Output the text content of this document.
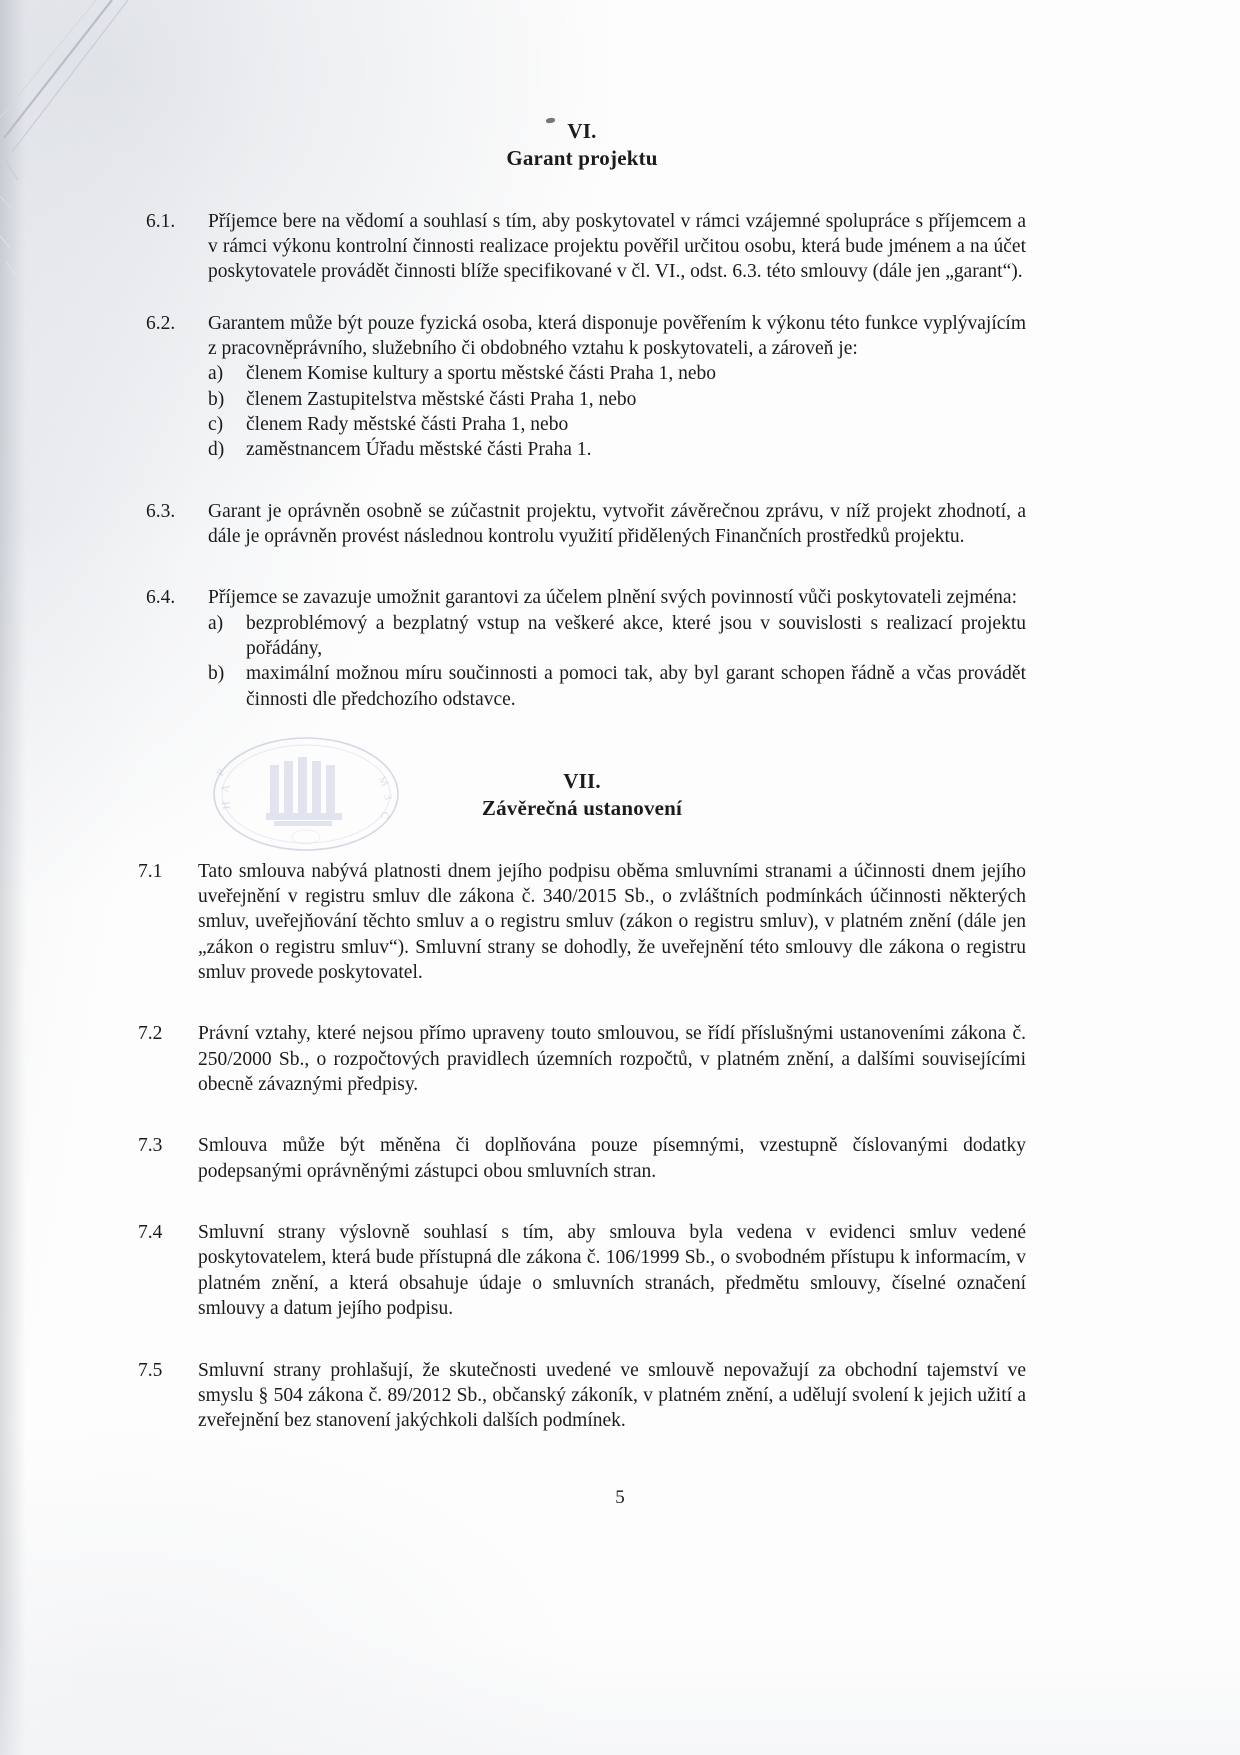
P
A
H
M
3
Č
VI.
Garant projektu
6.1.	Příjemce bere na vědomí a souhlasí s tím, aby poskytovatel v rámci vzájemné spolupráce s příjemcem a v rámci výkonu kontrolní činnosti realizace projektu pověřil určitou osobu, která bude jménem a na účet poskytovatele provádět činnosti blíže specifikované v čl. VI., odst. 6.3. této smlouvy (dále jen „garant“).
6.2.	Garantem může být pouze fyzická osoba, která disponuje pověřením k výkonu této funkce vyplývajícím z pracovněprávního, služebního či obdobného vztahu k poskytovateli, a zároveň je:

a)	členem Komise kultury a sportu městské části Praha 1, nebo
b)	členem Zastupitelstva městské části Praha 1, nebo
c)	členem Rady městské části Praha 1, nebo
d)	zaměstnancem Úřadu městské části Praha 1.
6.3.	Garant je oprávněn osobně se zúčastnit projektu, vytvořit závěrečnou zprávu, v níž projekt zhodnotí, a dále je oprávněn provést následnou kontrolu využití přidělených Finančních prostředků projektu.
6.4.	Příjemce se zavazuje umožnit garantovi za účelem plnění svých povinností vůči poskytovateli zejména:

a)	bezproblémový a bezplatný vstup na veškeré akce, které jsou v souvislosti s realizací projektu pořádány,
b)	maximální možnou míru součinnosti a pomoci tak, aby byl garant schopen řádně a včas provádět činnosti dle předchozího odstavce.
VII.
Závěrečná ustanovení
7.1	Tato smlouva nabývá platnosti dnem jejího podpisu oběma smluvními stranami a účinnosti dnem jejího uveřejnění v registru smluv dle zákona č. 340/2015 Sb., o zvláštních podmínkách účinnosti některých smluv, uveřejňování těchto smluv a o registru smluv (zákon o registru smluv), v platném znění (dále jen „zákon o registru smluv“). Smluvní strany se dohodly, že uveřejnění této smlouvy dle zákona o registru smluv provede poskytovatel.
7.2	Právní vztahy, které nejsou přímo upraveny touto smlouvou, se řídí příslušnými ustanoveními zákona č. 250/2000 Sb., o rozpočtových pravidlech územních rozpočtů, v platném znění, a dalšími souvisejícími obecně závaznými předpisy.
7.3	Smlouva může být měněna či doplňována pouze písemnými, vzestupně číslovanými dodatky podepsanými oprávněnými zástupci obou smluvních stran.
7.4	Smluvní strany výslovně souhlasí s tím, aby smlouva byla vedena v evidenci smluv vedené poskytovatelem, která bude přístupná dle zákona č. 106/1999 Sb., o svobodném přístupu k informacím, v platném znění, a která obsahuje údaje o smluvních stranách, předmětu smlouvy, číselné označení smlouvy a datum jejího podpisu.
7.5	Smluvní strany prohlašují, že skutečnosti uvedené ve smlouvě nepovažují za obchodní tajemství ve smyslu § 504 zákona č. 89/2012 Sb., občanský zákoník, v platném znění, a udělují svolení k jejich užití a zveřejnění bez stanovení jakýchkoli dalších podmínek.
5
